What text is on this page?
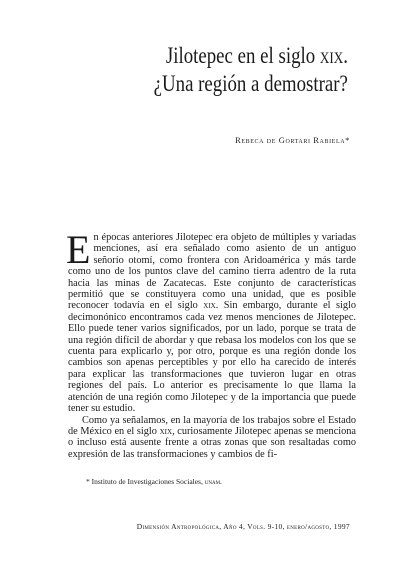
Jilotepec en el siglo xix.
¿Una región a demostrar?
Rebeca de Gortari Rabiela*

En épocas anteriores Jilotepec era objeto de múltiples y variadas menciones, así era señalado como asiento de un antiguo señorío otomí, como frontera con Aridoamérica y más tarde como uno de los puntos clave del camino tierra adentro de la ruta hacia las minas de Zacatecas. Este conjunto de características permitió que se constituyera como una unidad, que es posible reconocer todavía en el siglo xix. Sin embargo, durante el siglo decimonónico encontramos cada vez menos menciones de Jilotepec. Ello puede tener varios significados, por un lado, porque se trata de una región difícil de abordar y que rebasa los modelos con los que se cuenta para explicarlo y, por otro, porque es una región donde los cambios son apenas perceptibles y por ello ha carecido de interés para explicar las transformaciones que tuvieron lugar en otras regiones del país. Lo anterior es precisamente lo que llama la atención de una región como Jilotepec y de la importancia que puede tener su estudio.

Como ya señalamos, en la mayoría de los trabajos sobre el Estado de México en el siglo xix, curiosamente Jilotepec apenas se menciona o incluso está ausente frente a otras zonas que son resaltadas como expresión de las transformaciones y cambios de fi-

* Instituto de Investigaciones Sociales, unam.
Dimensión Antropológica, Año 4, Vols. 9-10, enero/agosto, 1997
